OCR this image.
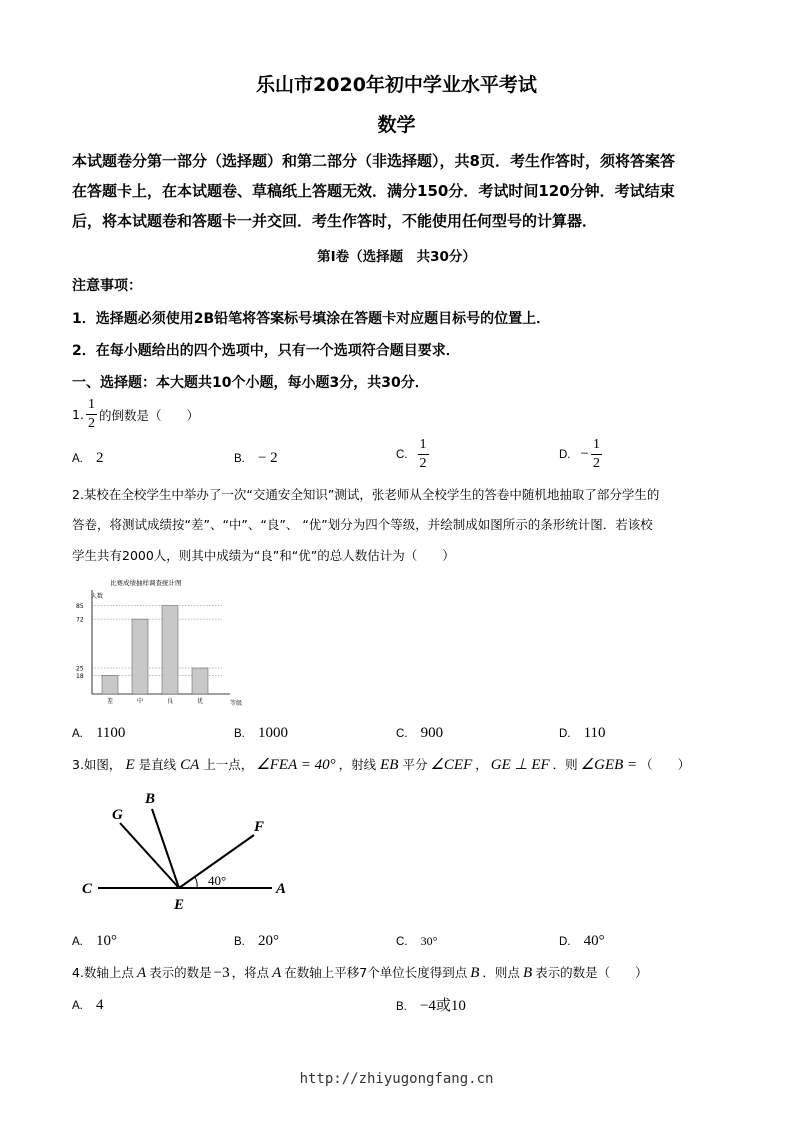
乐山市2020年初中学业水平考试
数学
本试题卷分第一部分（选择题）和第二部分（非选择题），共8页．考生作答时，须将答案答
在答题卡上，在本试题卷、草稿纸上答题无效．满分150分．考试时间120分钟．考试结束
后，将本试题卷和答题卡一并交回．考生作答时，不能使用任何型号的计算器．
第Ⅰ卷（选择题　共30分）
注意事项：
1．选择题必须使用2B铅笔将答案标号填涂在答题卡对应题目标号的位置上．
2．在每小题给出的四个选项中，只有一个选项符合题目要求．
一、选择题：本大题共10个小题，每小题3分，共30分．
1. $\frac{1}{2}$ 的倒数是（　　）
A. 2	B. − 2	C. $\frac{1}{2}$	D. − $\frac{1}{2}$
2.某校在全校学生中举办了一次“交通安全知识”测试，张老师从全校学生的答卷中随机地抽取了部分学生的
答卷，将测试成绩按“差”、“中”、“良”、 “优”划分为四个等级，并绘制成如图所示的条形统计图．若该校
学生共有2000人，则其中成绩为“良”和“优”的总人数估计为（　　）
比赛成绩抽样调查统计图
人数
等级
18
25
72
85
差	中	良	优
A. 1100	B. 1000	C. 900	D. 110
3.如图， E 是直线 CA 上一点， ∠FEA = 40° ，射线 EB 平分 ∠CEF ， GE ⊥ EF ．则 ∠GEB = （　　）
G
B
F
C
E
A
40°
A. 10°	B. 20°	C. 30°	D. 40°
4.数轴上点 A 表示的数是 −3 ，将点 A 在数轴上平移7个单位长度得到点 B ．则点 B 表示的数是（　　）
A. 4	B. −4或10
http://zhiyugongfang.cn
